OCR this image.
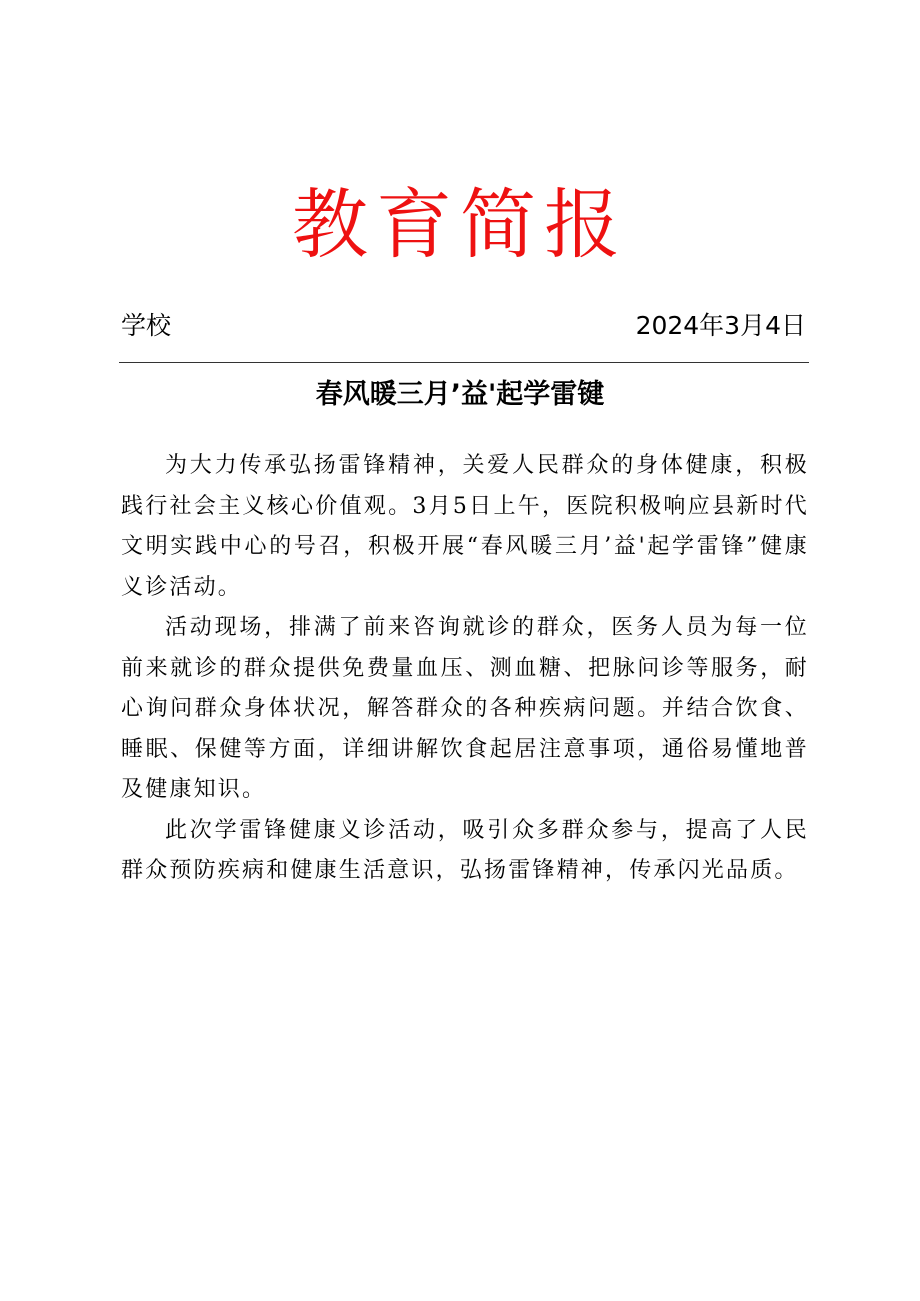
教育简报
学校	2024年3月4日
春风暖三月’益'起学雷键

为大力传承弘扬雷锋精神，关爱人民群众的身体健康，积极践行社会主义核心价值观。3月5日上午，医院积极响应县新时代文明实践中心的号召，积极开展“春风暖三月’益'起学雷锋”健康义诊活动。

活动现场，排满了前来咨询就诊的群众，医务人员为每一位前来就诊的群众提供免费量血压、测血糖、把脉问诊等服务，耐心询问群众身体状况，解答群众的各种疾病问题。并结合饮食、睡眠、保健等方面，详细讲解饮食起居注意事项，通俗易懂地普及健康知识。

此次学雷锋健康义诊活动，吸引众多群众参与，提高了人民群众预防疾病和健康生活意识，弘扬雷锋精神，传承闪光品质。
